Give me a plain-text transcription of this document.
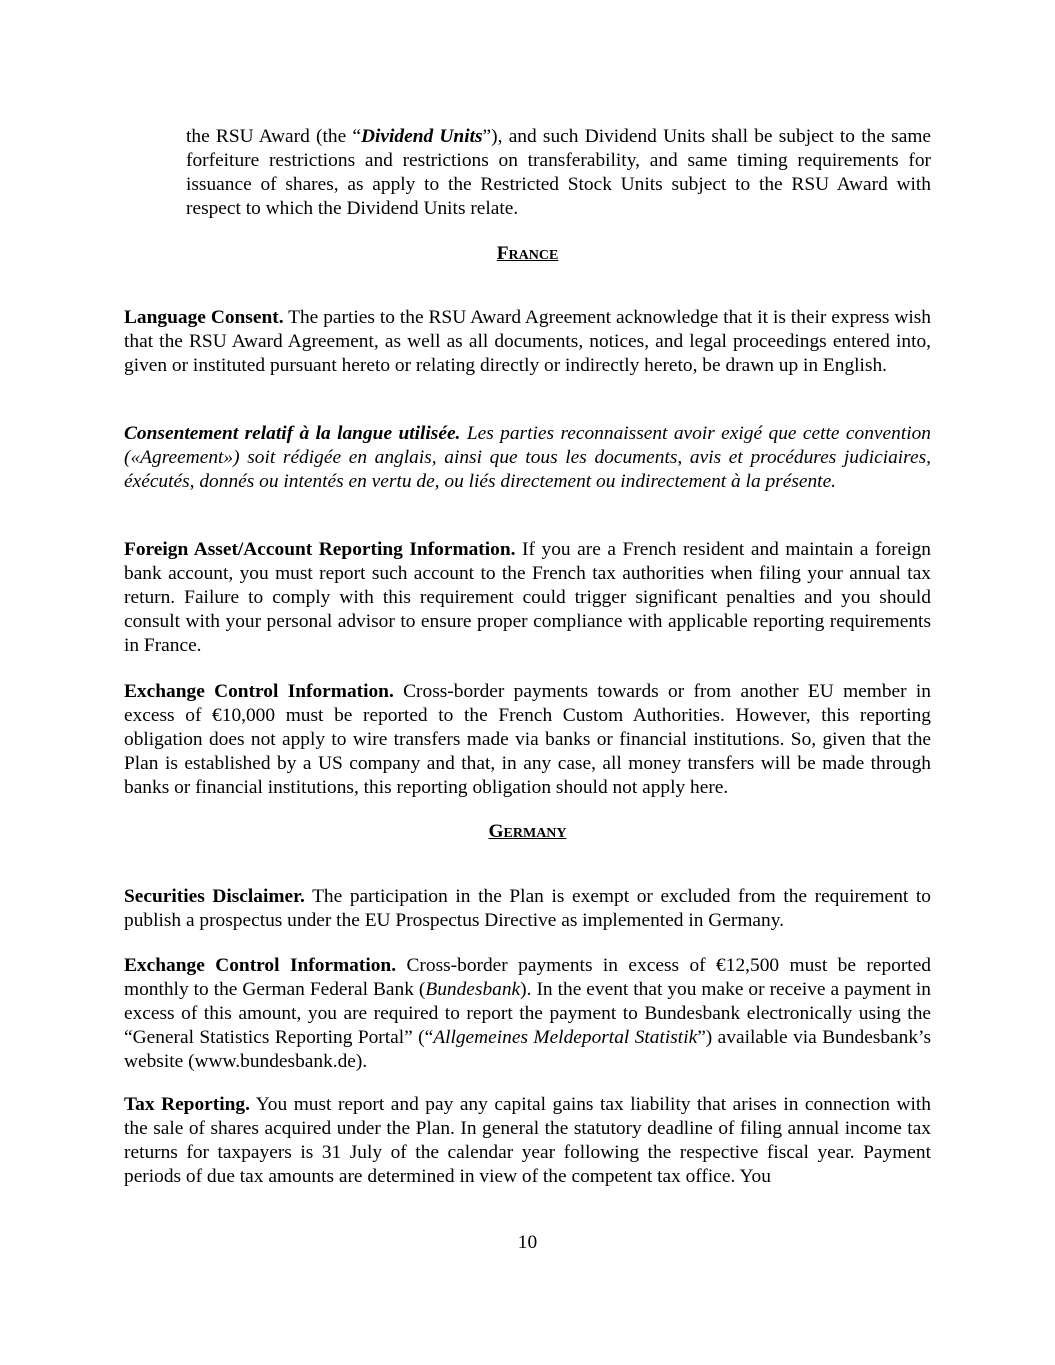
the RSU Award (the “Dividend Units”), and such Dividend Units shall be subject to the same forfeiture restrictions and restrictions on transferability, and same timing requirements for issuance of shares, as apply to the Restricted Stock Units subject to the RSU Award with respect to which the Dividend Units relate.

France

Language Consent. The parties to the RSU Award Agreement acknowledge that it is their express wish that the RSU Award Agreement, as well as all documents, notices, and legal proceedings entered into, given or instituted pursuant hereto or relating directly or indirectly hereto, be drawn up in English.

Consentement relatif à la langue utilisée. Les parties reconnaissent avoir exigé que cette convention («Agreement») soit rédigée en anglais, ainsi que tous les documents, avis et procédures judiciaires, éxécutés, donnés ou intentés en vertu de, ou liés directement ou indirectement à la présente.

Foreign Asset/Account Reporting Information. If you are a French resident and maintain a foreign bank account, you must report such account to the French tax authorities when filing your annual tax return. Failure to comply with this requirement could trigger significant penalties and you should consult with your personal advisor to ensure proper compliance with applicable reporting requirements in France.

Exchange Control Information. Cross-border payments towards or from another EU member in excess of €10,000 must be reported to the French Custom Authorities. However, this reporting obligation does not apply to wire transfers made via banks or financial institutions. So, given that the Plan is established by a US company and that, in any case, all money transfers will be made through banks or financial institutions, this reporting obligation should not apply here.

Germany

Securities Disclaimer. The participation in the Plan is exempt or excluded from the requirement to publish a prospectus under the EU Prospectus Directive as implemented in Germany.

Exchange Control Information. Cross-border payments in excess of €12,500 must be reported monthly to the German Federal Bank (Bundesbank). In the event that you make or receive a payment in excess of this amount, you are required to report the payment to Bundesbank electronically using the “General Statistics Reporting Portal” (“Allgemeines Meldeportal Statistik”) available via Bundesbank’s website (www.bundesbank.de).

Tax Reporting. You must report and pay any capital gains tax liability that arises in connection with the sale of shares acquired under the Plan. In general the statutory deadline of filing annual income tax returns for taxpayers is 31 July of the calendar year following the respective fiscal year. Payment periods of due tax amounts are determined in view of the competent tax office. You

10
